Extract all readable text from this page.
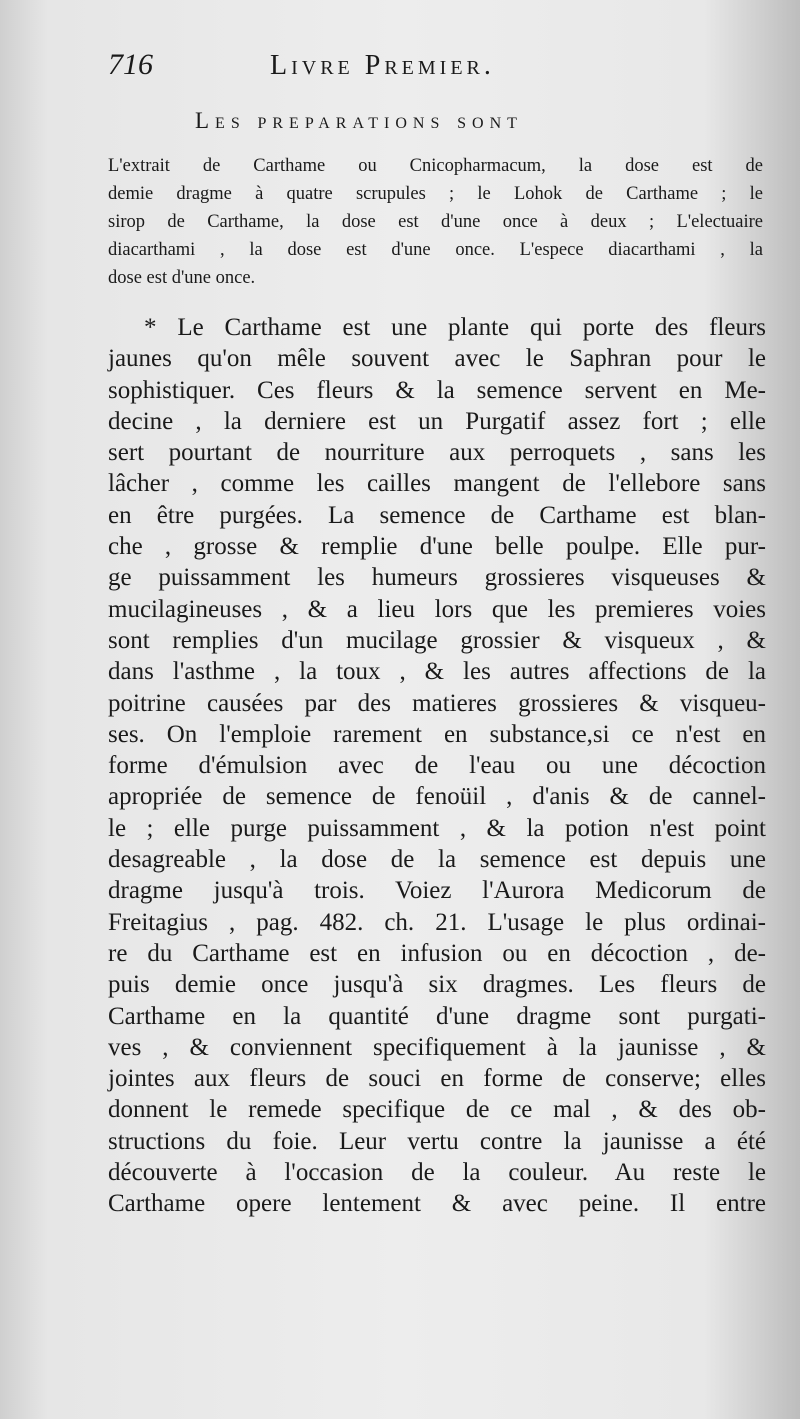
716	Livre Premier.
Les preparations sont
L'extrait de Carthame ou Cnicopharmacum, la dose est de
demie dragme à quatre scrupules ; le Lohok de Carthame ; le
sirop de Carthame, la dose est d'une once à deux ; L'electuaire
diacarthami , la dose est d'une once. L'espece diacarthami , la
dose est d'une once.
* Le Carthame est une plante qui porte des fleurs
jaunes qu'on mêle souvent avec le Saphran pour le
sophistiquer. Ces fleurs & la semence servent en Me-
decine , la derniere est un Purgatif assez fort ; elle
sert pourtant de nourriture aux perroquets , sans les
lâcher , comme les cailles mangent de l'ellebore sans
en être purgées. La semence de Carthame est blan-
che , grosse & remplie d'une belle poulpe. Elle pur-
ge puissamment les humeurs grossieres visqueuses &
mucilagineuses , & a lieu lors que les premieres voies
sont remplies d'un mucilage grossier & visqueux , &
dans l'asthme , la toux , & les autres affections de la
poitrine causées par des matieres grossieres & visqueu-
ses. On l'emploie rarement en substance,si ce n'est en
forme d'émulsion avec de l'eau ou une décoction
apropriée de semence de fenoüil , d'anis & de cannel-
le ; elle purge puissamment , & la potion n'est point
desagreable , la dose de la semence est depuis une
dragme jusqu'à trois. Voiez l'Aurora Medicorum de
Freitagius , pag. 482. ch. 21. L'usage le plus ordinai-
re du Carthame est en infusion ou en décoction , de-
puis demie once jusqu'à six dragmes. Les fleurs de
Carthame en la quantité d'une dragme sont purgati-
ves , & conviennent specifiquement à la jaunisse , &
jointes aux fleurs de souci en forme de conserve; elles
donnent le remede specifique de ce mal , & des ob-
structions du foie. Leur vertu contre la jaunisse a été
découverte à l'occasion de la couleur. Au reste le
Carthame opere lentement & avec peine. Il entre
